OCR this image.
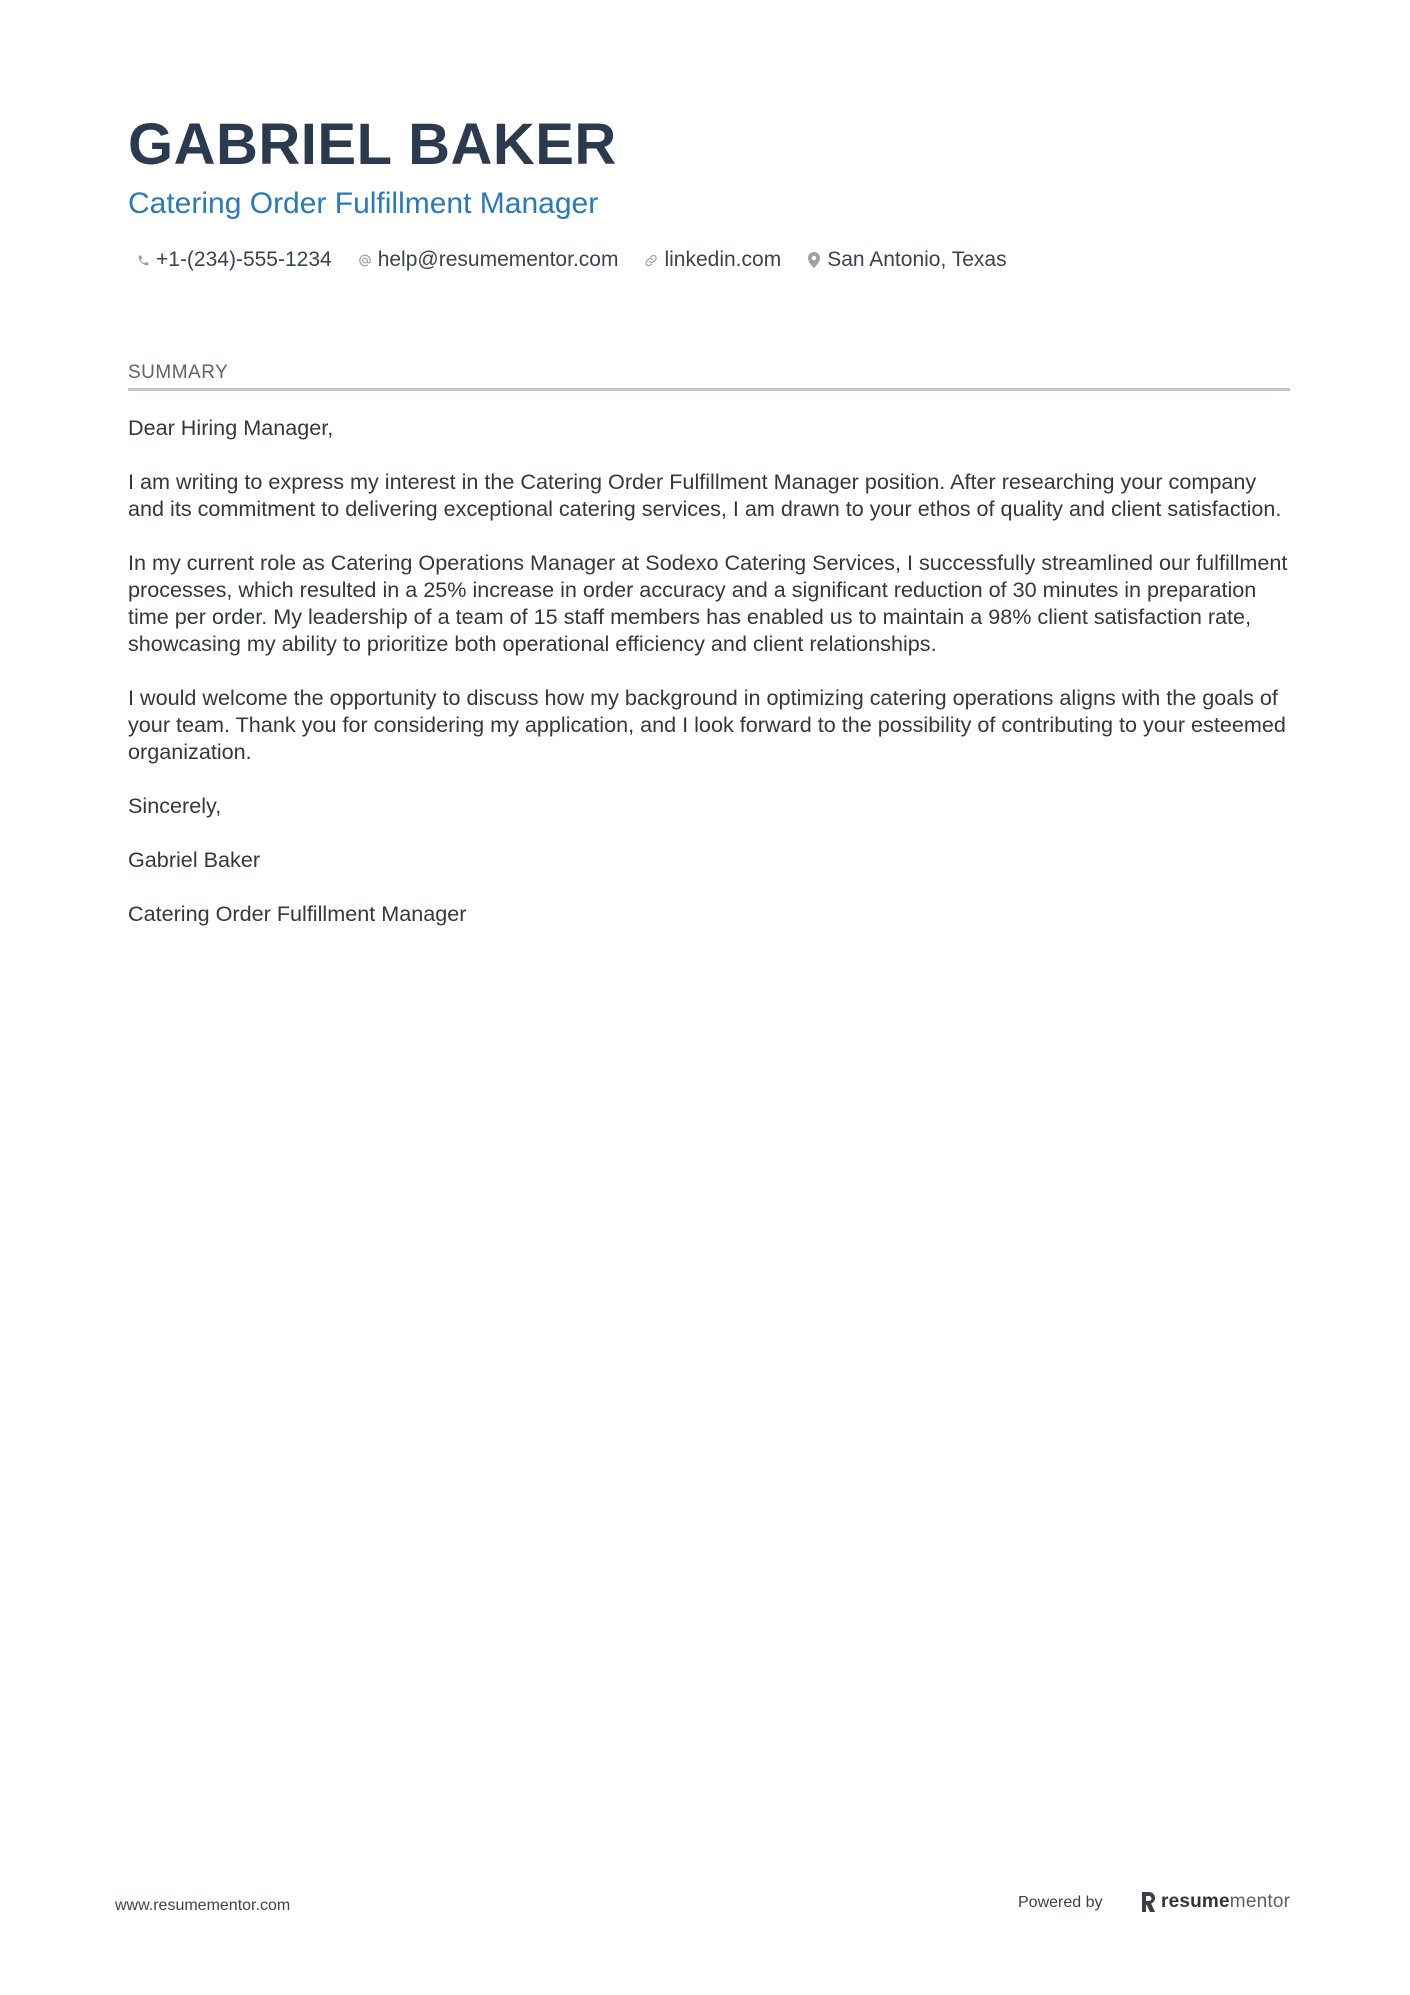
GABRIEL BAKER
Catering Order Fulfillment Manager
+1-(234)-555-1234 help@resumementor.com linkedin.com San Antonio, Texas
SUMMARY

Dear Hiring Manager,

I am writing to express my interest in the Catering Order Fulfillment Manager position. After researching your company and its commitment to delivering exceptional catering services, I am drawn to your ethos of quality and client satisfaction.

In my current role as Catering Operations Manager at Sodexo Catering Services, I successfully streamlined our fulfillment processes, which resulted in a 25% increase in order accuracy and a significant reduction of 30 minutes in preparation time per order. My leadership of a team of 15 staff members has enabled us to maintain a 98% client satisfaction rate, showcasing my ability to prioritize both operational efficiency and client relationships.

I would welcome the opportunity to discuss how my background in optimizing catering operations aligns with the goals of your team. Thank you for considering my application, and I look forward to the possibility of contributing to your esteemed organization.

Sincerely,

Gabriel Baker

Catering Order Fulfillment Manager

www.resumementor.com	Powered by	resume mentor
